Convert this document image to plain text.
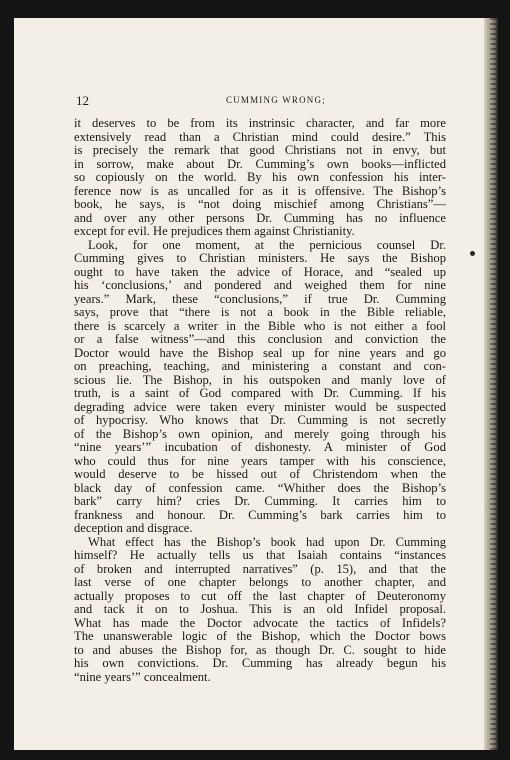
12	CUMMING WRONG;
it deserves to be from its instrinsic character, and far more
extensively read than a Christian mind could desire.” This
is precisely the remark that good Christians not in envy, but
in sorrow, make about Dr. Cumming’s own books—inflicted
so copiously on the world. By his own confession his inter-
ference now is as uncalled for as it is offensive. The Bishop’s
book, he says, is “not doing mischief among Christians”—
and over any other persons Dr. Cumming has no influence
except for evil. He prejudices them against Christianity.
Look, for one moment, at the pernicious counsel Dr.
Cumming gives to Christian ministers. He says the Bishop
ought to have taken the advice of Horace, and “sealed up
his ‘conclusions,’ and pondered and weighed them for nine
years.” Mark, these “conclusions,” if true Dr. Cumming
says, prove that “there is not a book in the Bible reliable,
there is scarcely a writer in the Bible who is not either a fool
or a false witness”—and this conclusion and conviction the
Doctor would have the Bishop seal up for nine years and go
on preaching, teaching, and ministering a constant and con-
scious lie. The Bishop, in his outspoken and manly love of
truth, is a saint of God compared with Dr. Cumming. If his
degrading advice were taken every minister would be suspected
of hypocrisy. Who knows that Dr. Cumming is not secretly
of the Bishop’s own opinion, and merely going through his
“nine years’” incubation of dishonesty. A minister of God
who could thus for nine years tamper with his conscience,
would deserve to be hissed out of Christendom when the
black day of confession came. “Whither does the Bishop’s
bark” carry him? cries Dr. Cumming. It carries him to
frankness and honour. Dr. Cumming’s bark carries him to
deception and disgrace.
What effect has the Bishop’s book had upon Dr. Cumming
himself? He actually tells us that Isaiah contains “instances
of broken and interrupted narratives” (p. 15), and that the
last verse of one chapter belongs to another chapter, and
actually proposes to cut off the last chapter of Deuteronomy
and tack it on to Joshua. This is an old Infidel proposal.
What has made the Doctor advocate the tactics of Infidels?
The unanswerable logic of the Bishop, which the Doctor bows
to and abuses the Bishop for, as though Dr. C. sought to hide
his own convictions. Dr. Cumming has already begun his
“nine years’” concealment.
